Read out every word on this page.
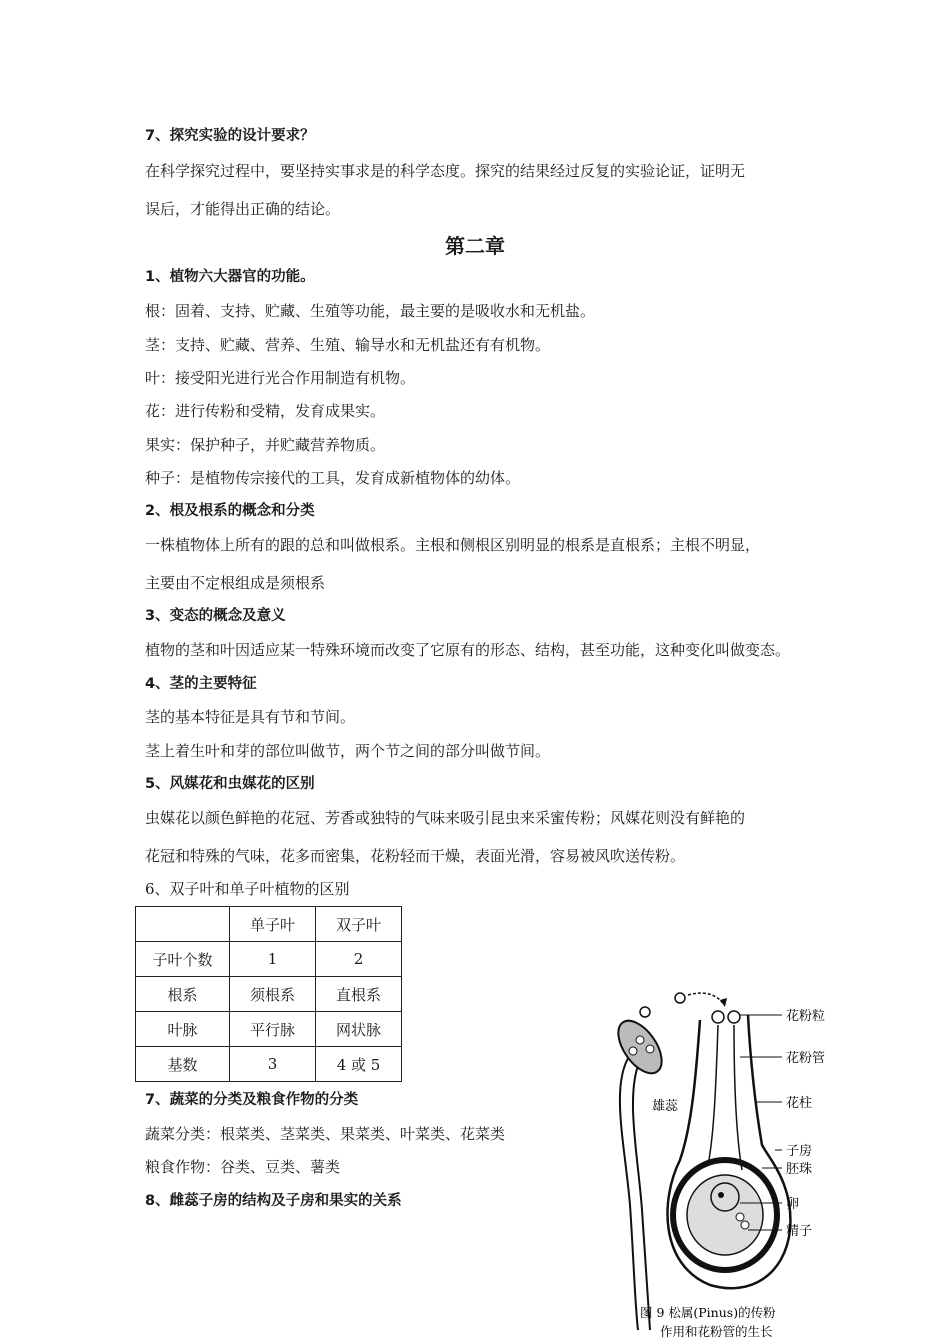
7、探究实验的设计要求？
在科学探究过程中，要坚持实事求是的科学态度。探究的结果经过反复的实验论证，证明无
误后，才能得出正确的结论。
第二章
1、植物六大器官的功能。
根：固着、支持、贮藏、生殖等功能，最主要的是吸收水和无机盐。
茎：支持、贮藏、营养、生殖、输导水和无机盐还有有机物。
叶：接受阳光进行光合作用制造有机物。
花：进行传粉和受精，发育成果实。
果实：保护种子，并贮藏营养物质。
种子：是植物传宗接代的工具，发育成新植物体的幼体。
2、根及根系的概念和分类
一株植物体上所有的跟的总和叫做根系。主根和侧根区别明显的根系是直根系；主根不明显，
主要由不定根组成是须根系
3、变态的概念及意义
植物的茎和叶因适应某一特殊环境而改变了它原有的形态、结构，甚至功能，这种变化叫做变态。
4、茎的主要特征
茎的基本特征是具有节和节间。
茎上着生叶和芽的部位叫做节，两个节之间的部分叫做节间。
5、风媒花和虫媒花的区别
虫媒花以颜色鲜艳的花冠、芳香或独特的气味来吸引昆虫来采蜜传粉；风媒花则没有鲜艳的
花冠和特殊的气味，花多而密集，花粉轻而干燥，表面光滑，容易被风吹送传粉。
6、双子叶和单子叶植物的区别
	单子叶	双子叶
子叶个数	1	2
根系	须根系	直根系
叶脉	平行脉	网状脉
基数	3	4 或 5
7、蔬菜的分类及粮食作物的分类
蔬菜分类：根菜类、茎菜类、果菜类、叶菜类、花菜类
粮食作物：谷类、豆类、薯类
8、雌蕊子房的结构及子房和果实的关系
花粉粒
花粉管
花柱
子房
胚珠
卵
精子
雄蕊
图 9 松属(Pinus)的传粉
作用和花粉管的生长
